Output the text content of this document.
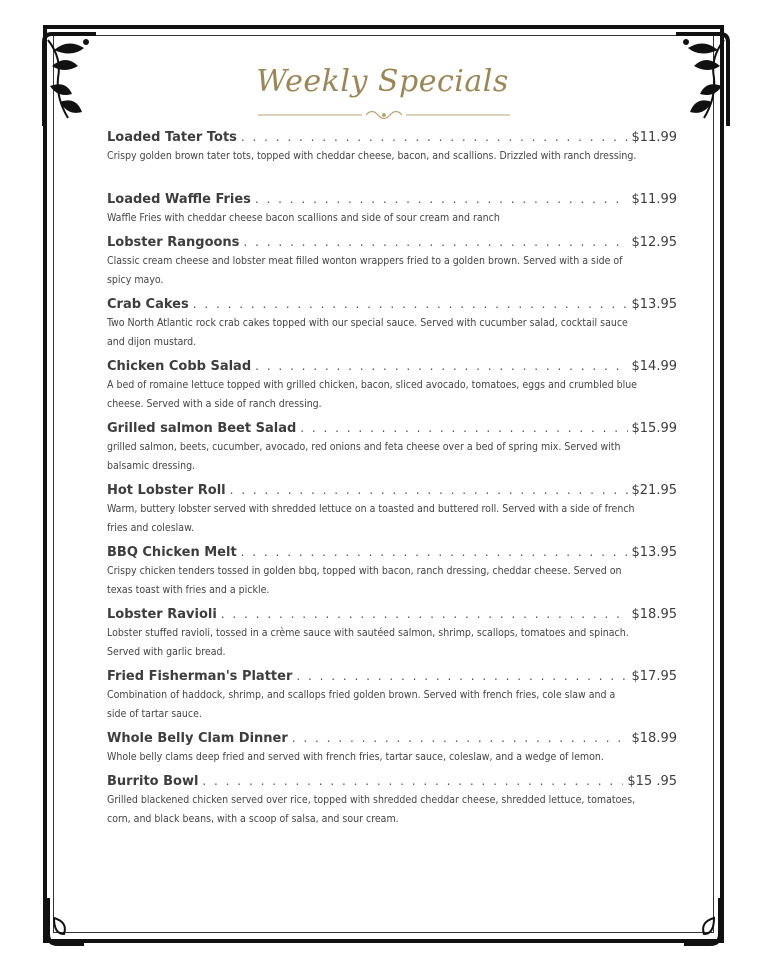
Weekly Specials
Loaded Tater Tots . . .	$11.99
Crispy golden brown tater tots, topped with cheddar cheese, bacon, and scallions. Drizzled with ranch dressing.
Loaded Waffle Fries . . .	$11.99
Waffle Fries with cheddar cheese bacon scallions and side of sour cream and ranch
Lobster Rangoons . . .	$12.95
Classic cream cheese and lobster meat filled wonton wrappers fried to a golden brown. Served with a side of spicy mayo.
Crab Cakes . . .	$13.95
Two North Atlantic rock crab cakes topped with our special sauce. Served with cucumber salad, cocktail sauce and dijon mustard.
Chicken Cobb Salad . . .	$14.99
A bed of romaine lettuce topped with grilled chicken, bacon, sliced avocado, tomatoes, eggs and crumbled blue cheese. Served with a side of ranch dressing.
Grilled salmon Beet Salad . . .	$15.99
grilled salmon, beets, cucumber, avocado, red onions and feta cheese over a bed of spring mix. Served with balsamic dressing.
Hot Lobster Roll . . .	$21.95
Warm, buttery lobster served with shredded lettuce on a toasted and buttered roll. Served with a side of french fries and coleslaw.
BBQ Chicken Melt . . .	$13.95
Crispy chicken tenders tossed in golden bbq, topped with bacon, ranch dressing, cheddar cheese. Served on texas toast with fries and a pickle.
Lobster Ravioli . . .	$18.95
Lobster stuffed ravioli, tossed in a crème sauce with sautéed salmon, shrimp, scallops, tomatoes and spinach. Served with garlic bread.
Fried Fisherman's Platter . . .	$17.95
Combination of haddock, shrimp, and scallops fried golden brown. Served with french fries, cole slaw and a side of tartar sauce.
Whole Belly Clam Dinner . . .	$18.99
Whole belly clams deep fried and served with french fries, tartar sauce, coleslaw, and a wedge of lemon.
Burrito Bowl . . .	$15 .95
Grilled blackened chicken served over rice, topped with shredded cheddar cheese, shredded lettuce, tomatoes, corn, and black beans, with a scoop of salsa, and sour cream.
